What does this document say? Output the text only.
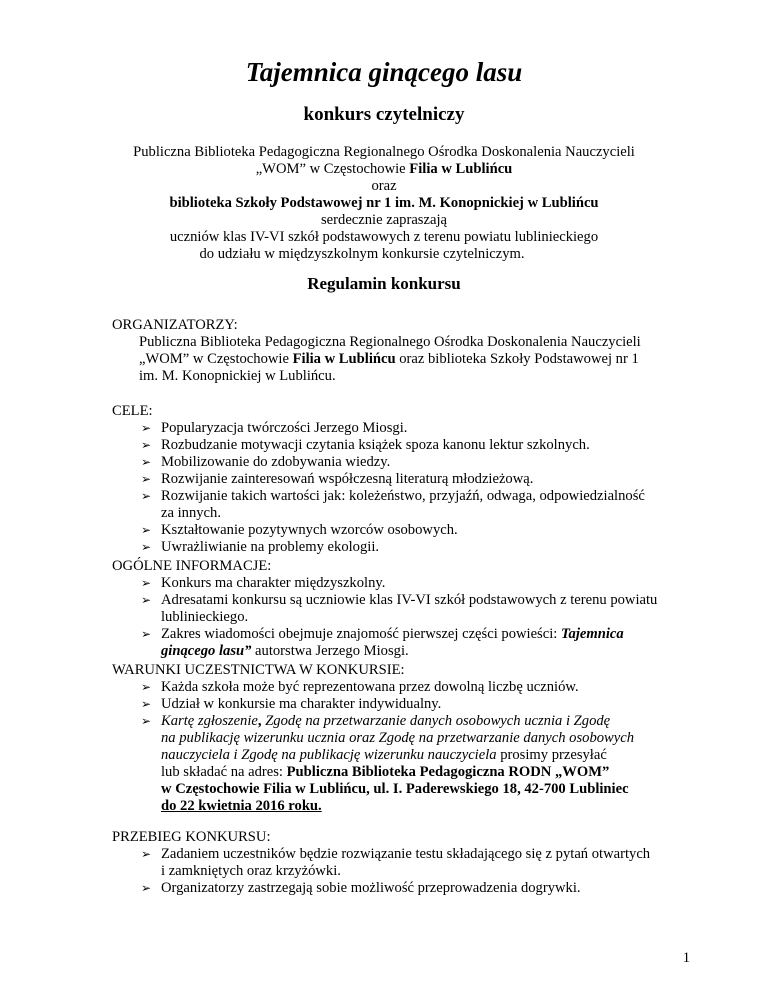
Tajemnica ginącego lasu
konkurs czytelniczy
Publiczna Biblioteka Pedagogiczna Regionalnego Ośrodka Doskonalenia Nauczycieli
„WOM” w Częstochowie Filia w Lublińcu
oraz
biblioteka Szkoły Podstawowej nr 1 im. M. Konopnickiej w Lublińcu
serdecznie zapraszają
uczniów klas IV-VI szkół podstawowych z terenu powiatu lublinieckiego
do udziału w międzyszkolnym konkursie czytelniczym.
Regulamin konkursu
ORGANIZATORZY:
Publiczna Biblioteka Pedagogiczna Regionalnego Ośrodka Doskonalenia Nauczycieli
„WOM” w Częstochowie Filia w Lublińcu oraz biblioteka Szkoły Podstawowej nr 1
im. M. Konopnickiej w Lublińcu.
CELE:
➢ Popularyzacja twórczości Jerzego Miosgi.
➢ Rozbudzanie motywacji czytania książek spoza kanonu lektur szkolnych.
➢ Mobilizowanie do zdobywania wiedzy.
➢ Rozwijanie zainteresowań współczesną literaturą młodzieżową.
➢ Rozwijanie takich wartości jak: koleżeństwo, przyjaźń, odwaga, odpowiedzialność
za innych.
➢ Kształtowanie pozytywnych wzorców osobowych.
➢ Uwrażliwianie na problemy ekologii.
OGÓLNE INFORMACJE:
➢ Konkurs ma charakter międzyszkolny.
➢ Adresatami konkursu są uczniowie klas IV-VI szkół podstawowych z terenu powiatu
lublinieckiego.
➢ Zakres wiadomości obejmuje znajomość pierwszej części powieści: Tajemnica
ginącego lasu” autorstwa Jerzego Miosgi.
WARUNKI UCZESTNICTWA W KONKURSIE:
➢ Każda szkoła może być reprezentowana przez dowolną liczbę uczniów.
➢ Udział w konkursie ma charakter indywidualny.
➢ Kartę zgłoszenie, Zgodę na przetwarzanie danych osobowych ucznia i Zgodę
na publikację wizerunku ucznia oraz Zgodę na przetwarzanie danych osobowych
nauczyciela i Zgodę na publikację wizerunku nauczyciela prosimy przesyłać
lub składać na adres: Publiczna Biblioteka Pedagogiczna RODN „WOM”
w Częstochowie Filia w Lublińcu, ul. I. Paderewskiego 18, 42-700 Lubliniec
do 22 kwietnia 2016 roku.
PRZEBIEG KONKURSU:
➢ Zadaniem uczestników będzie rozwiązanie testu składającego się z pytań otwartych
i zamkniętych oraz krzyżówki.
➢ Organizatorzy zastrzegają sobie możliwość przeprowadzenia dogrywki.
1
